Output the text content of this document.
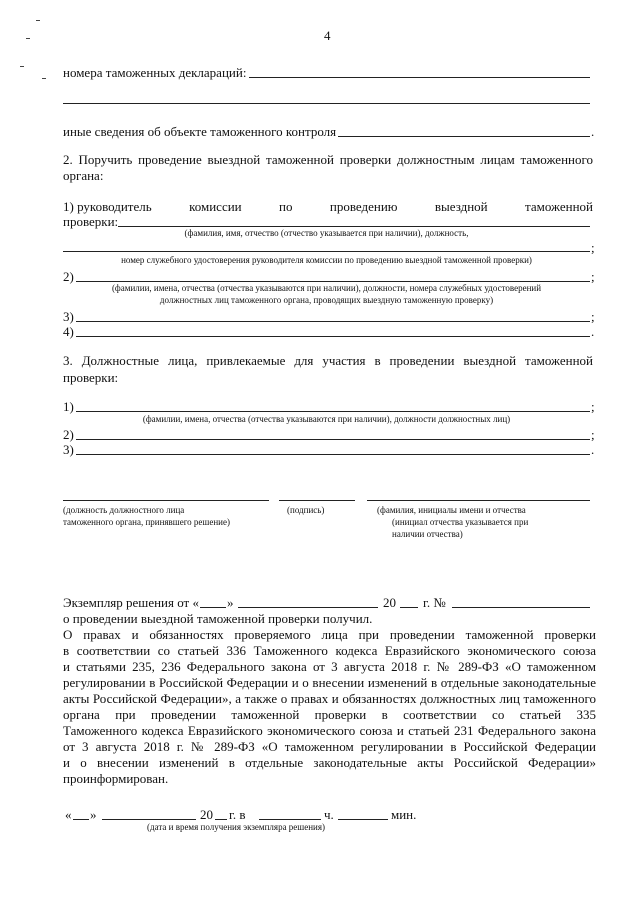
4
номера таможенных деклараций:
иные сведения об объекте таможенного контроля	.
2. Поручить проведение выездной таможенной проверки должностным лицам таможенного
органа:
1) руководитель	комиссии	по	проведению	выездной	таможенной
проверки:
(фамилия, имя, отчество (отчество указывается при наличии), должность,
;
номер служебного удостоверения руководителя комиссии по проведению выездной таможенной проверки)
2)	;
(фамилии, имена, отчества (отчества указываются при наличии), должности, номера служебных удостоверений
должностных лиц таможенного органа, проводящих выездную таможенную проверку)
3)	;
4)	.
3. Должностные лица, привлекаемые для участия в проведении выездной таможенной
проверки:
1)	;
(фамилии, имена, отчества (отчества указываются при наличии), должности должностных лиц)
2)	;
3)	.
(должность должностного лица
таможенного органа, принявшего решение)
(подпись)	(фамилия, инициалы имени и отчества
(инициал отчества указывается при
наличии отчества)
Экземпляр решения от « »	20 г. №
о проведении выездной таможенной проверки получил.
О правах и обязанностях проверяемого лица при проведении таможенной проверки
в соответствии со статьей 336 Таможенного кодекса Евразийского экономического союза
и статьями 235, 236 Федерального закона от 3 августа 2018 г. № 289-ФЗ «О таможенном
регулировании в Российской Федерации и о внесении изменений в отдельные законодательные
акты Российской Федерации», а также о правах и обязанностях должностных лиц таможенного
органа при проведении таможенной проверки в соответствии со статьей 335
Таможенного кодекса Евразийского экономического союза и статьей 231 Федерального закона
от 3 августа 2018 г. № 289-ФЗ «О таможенном регулировании в Российской Федерации
и о внесении изменений в отдельные законодательные акты Российской Федерации»
проинформирован.
« »	20 г. в	ч.	мин.
(дата и время получения экземпляра решения)
